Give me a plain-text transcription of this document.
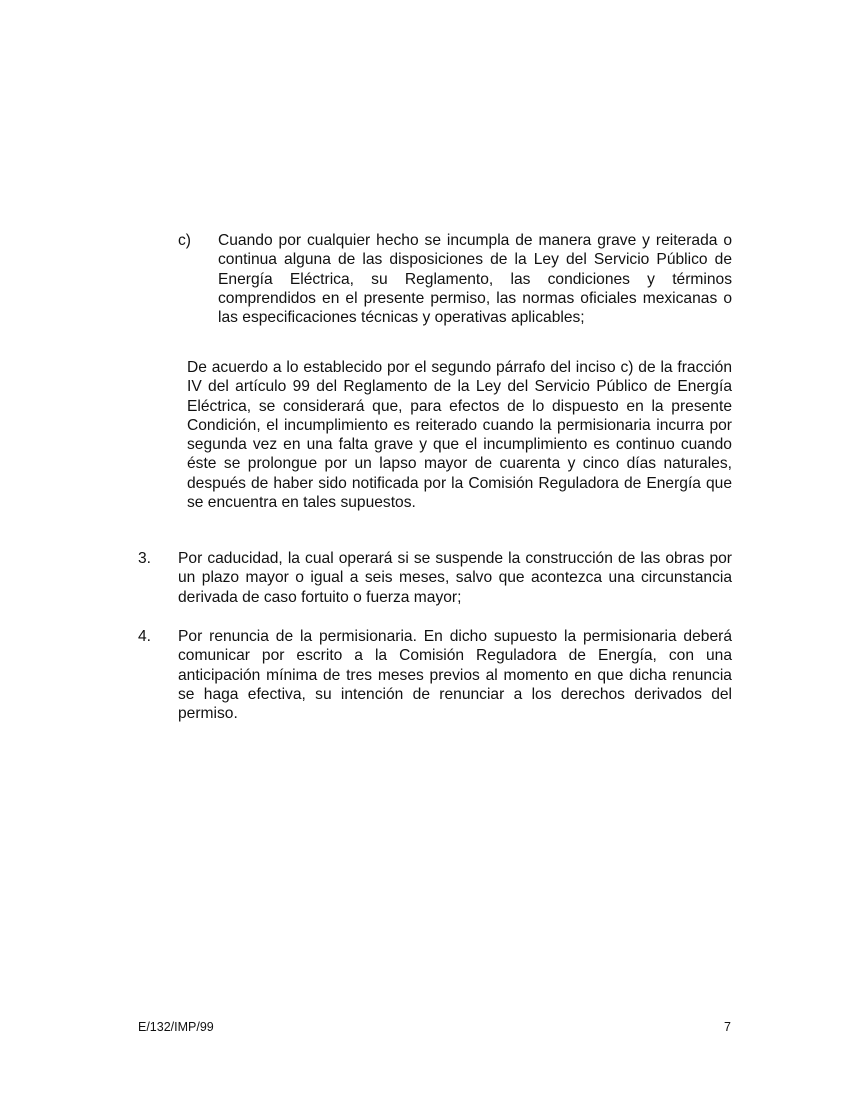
c) Cuando por cualquier hecho se incumpla de manera grave y reiterada o continua alguna de las disposiciones de la Ley del Servicio Público de Energía Eléctrica, su Reglamento, las condiciones y términos comprendidos en el presente permiso, las normas oficiales mexicanas o las especificaciones técnicas y operativas aplicables;

De acuerdo a lo establecido por el segundo párrafo del inciso c) de la fracción IV del artículo 99 del Reglamento de la Ley del Servicio Público de Energía Eléctrica, se considerará que, para efectos de lo dispuesto en la presente Condición, el incumplimiento es reiterado cuando la permisionaria incurra por segunda vez en una falta grave y que el incumplimiento es continuo cuando éste se prolongue por un lapso mayor de cuarenta y cinco días naturales, después de haber sido notificada por la Comisión Reguladora de Energía que se encuentra en tales supuestos.

3. Por caducidad, la cual operará si se suspende la construcción de las obras por un plazo mayor o igual a seis meses, salvo que acontezca una circunstancia derivada de caso fortuito o fuerza mayor;

4. Por renuncia de la permisionaria. En dicho supuesto la permisionaria deberá comunicar por escrito a la Comisión Reguladora de Energía, con una anticipación mínima de tres meses previos al momento en que dicha renuncia se haga efectiva, su intención de renunciar a los derechos derivados del permiso.

E/132/IMP/99	7
